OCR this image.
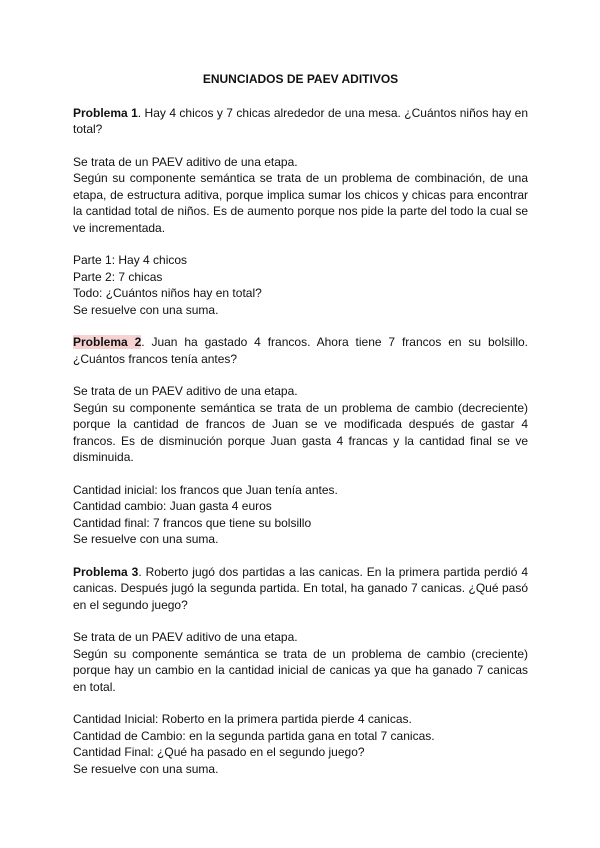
ENUNCIADOS DE PAEV ADITIVOS

Problema 1. Hay 4 chicos y 7 chicas alrededor de una mesa. ¿Cuántos niños hay en total?

Se trata de un PAEV aditivo de una etapa.

Según su componente semántica se trata de un problema de combinación, de una etapa, de estructura aditiva, porque implica sumar los chicos y chicas para encontrar la cantidad total de niños. Es de aumento porque nos pide la parte del todo la cual se ve incrementada.

Parte 1: Hay 4 chicos

Parte 2: 7 chicas

Todo: ¿Cuántos niños hay en total?

Se resuelve con una suma.

Problema 2. Juan ha gastado 4 francos. Ahora tiene 7 francos en su bolsillo. ¿Cuántos francos tenía antes?

Se trata de un PAEV aditivo de una etapa.

Según su componente semántica se trata de un problema de cambio (decreciente) porque la cantidad de francos de Juan se ve modificada después de gastar 4 francos. Es de disminución porque Juan gasta 4 francas y la cantidad final se ve disminuida.

Cantidad inicial: los francos que Juan tenía antes.

Cantidad cambio: Juan gasta 4 euros

Cantidad final: 7 francos que tiene su bolsillo

Se resuelve con una suma.

Problema 3. Roberto jugó dos partidas a las canicas. En la primera partida perdió 4 canicas. Después jugó la segunda partida. En total, ha ganado 7 canicas. ¿Qué pasó en el segundo juego?

Se trata de un PAEV aditivo de una etapa.

Según su componente semántica se trata de un problema de cambio (creciente) porque hay un cambio en la cantidad inicial de canicas ya que ha ganado 7 canicas en total.

Cantidad Inicial: Roberto en la primera partida pierde 4 canicas.

Cantidad de Cambio: en la segunda partida gana en total 7 canicas.

Cantidad Final: ¿Qué ha pasado en el segundo juego?

Se resuelve con una suma.
